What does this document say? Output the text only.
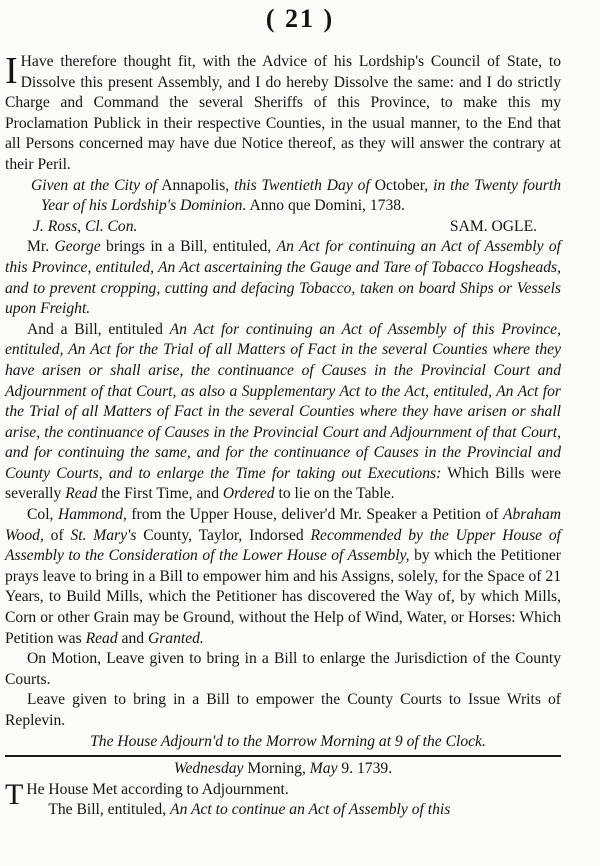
( 21 )

I Have therefore thought fit, with the Advice of his Lordship's Council of State, to Dissolve this present Assembly, and I do hereby Dissolve the same: and I do strictly Charge and Command the several Sheriffs of this Province, to make this my Proclamation Publick in their respective Counties, in the usual manner, to the End that all Persons concerned may have due Notice thereof, as they will answer the contrary at their Peril.

Given at the City of Annapolis, this Twentieth Day of October, in the Twenty fourth Year of his Lordship's Dominion. Anno que Domini, 1738.

J. Ross, Cl. Con.	SAM. OGLE.

Mr. George brings in a Bill, entituled, An Act for continuing an Act of Assembly of this Province, entituled, An Act ascertaining the Gauge and Tare of Tobacco Hogsheads, and to prevent cropping, cutting and defacing Tobacco, taken on board Ships or Vessels upon Freight.

And a Bill, entituled An Act for continuing an Act of Assembly of this Province, entituled, An Act for the Trial of all Matters of Fact in the several Counties where they have arisen or shall arise, the continuance of Causes in the Provincial Court and Adjournment of that Court, as also a Supplementary Act to the Act, entituled, An Act for the Trial of all Matters of Fact in the several Counties where they have arisen or shall arise, the continuance of Causes in the Provincial Court and Adjournment of that Court, and for continuing the same, and for the continuance of Causes in the Provincial and County Courts, and to enlarge the Time for taking out Executions: Which Bills were severally Read the First Time, and Ordered to lie on the Table.

Col, Hammond, from the Upper House, deliver'd Mr. Speaker a Petition of Abraham Wood, of St. Mary's County, Taylor, Indorsed Recommended by the Upper House of Assembly to the Consideration of the Lower House of Assembly, by which the Petitioner prays leave to bring in a Bill to empower him and his Assigns, solely, for the Space of 21 Years, to Build Mills, which the Petitioner has discovered the Way of, by which Mills, Corn or other Grain may be Ground, without the Help of Wind, Water, or Horses: Which Petition was Read and Granted.

On Motion, Leave given to bring in a Bill to enlarge the Jurisdiction of the County Courts.

Leave given to bring in a Bill to empower the County Courts to Issue Writs of Replevin.

The House Adjourn'd to the Morrow Morning at 9 of the Clock.

Wednesday Morning, May 9. 1739.

T He House Met according to Adjournment.

The Bill, entituled, An Act to continue an Act of Assembly of this
